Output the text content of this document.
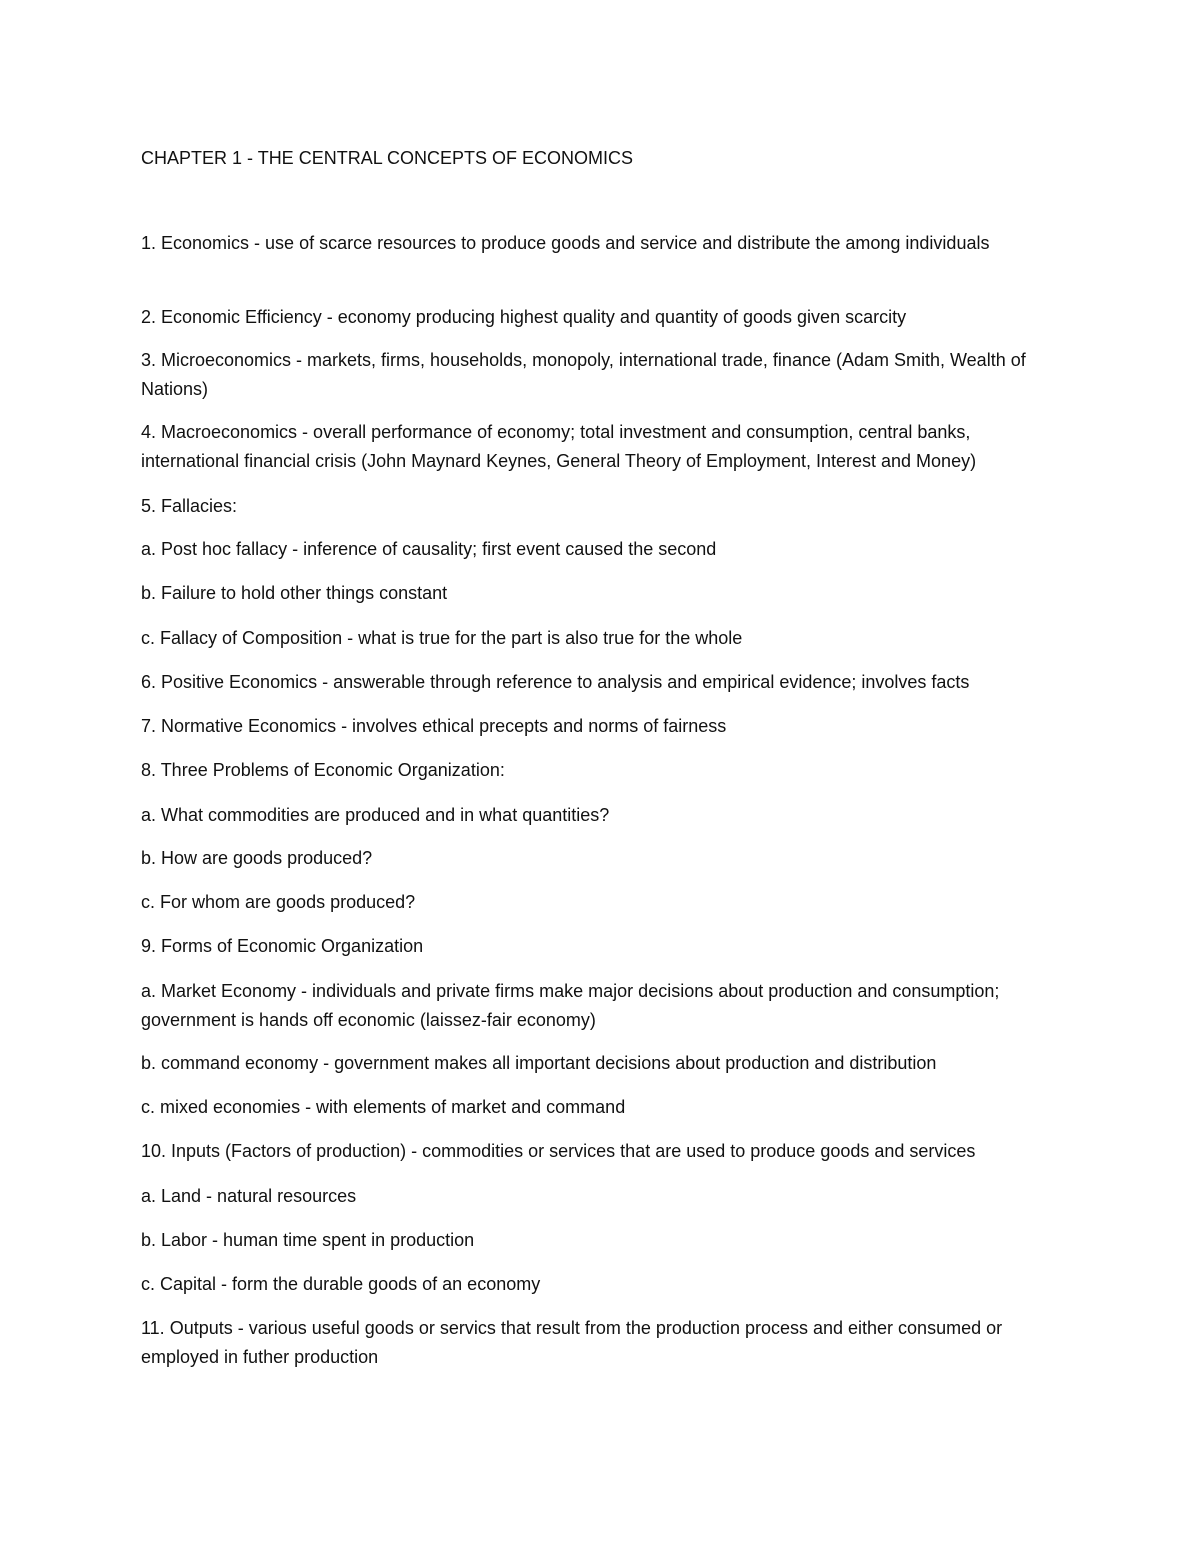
CHAPTER 1 - THE CENTRAL CONCEPTS OF ECONOMICS
1. Economics - use of scarce resources to produce goods and service and distribute the among individuals
2. Economic Efficiency - economy producing highest quality and quantity of goods given scarcity
3. Microeconomics - markets, firms, households, monopoly, international trade, finance (Adam Smith, Wealth of Nations)
4. Macroeconomics - overall performance of economy; total investment and consumption, central banks, international financial crisis (John Maynard Keynes, General Theory of Employment, Interest and Money)
5. Fallacies:
a. Post hoc fallacy - inference of causality; first event caused the second
b. Failure to hold other things constant
c. Fallacy of Composition - what is true for the part is also true for the whole
6. Positive Economics - answerable through reference to analysis and empirical evidence; involves facts
7. Normative Economics - involves ethical precepts and norms of fairness
8. Three Problems of Economic Organization:
a. What commodities are produced and in what quantities?
b. How are goods produced?
c. For whom are goods produced?
9. Forms of Economic Organization
a. Market Economy - individuals and private firms make major decisions about production and consumption; government is hands off economic (laissez-fair economy)
b. command economy - government makes all important decisions about production and distribution
c. mixed economies - with elements of market and command
10. Inputs (Factors of production) - commodities or services that are used to produce goods and services
a. Land - natural resources
b. Labor - human time spent in production
c. Capital - form the durable goods of an economy
11. Outputs - various useful goods or servics that result from the production process and either consumed or employed in futher production
